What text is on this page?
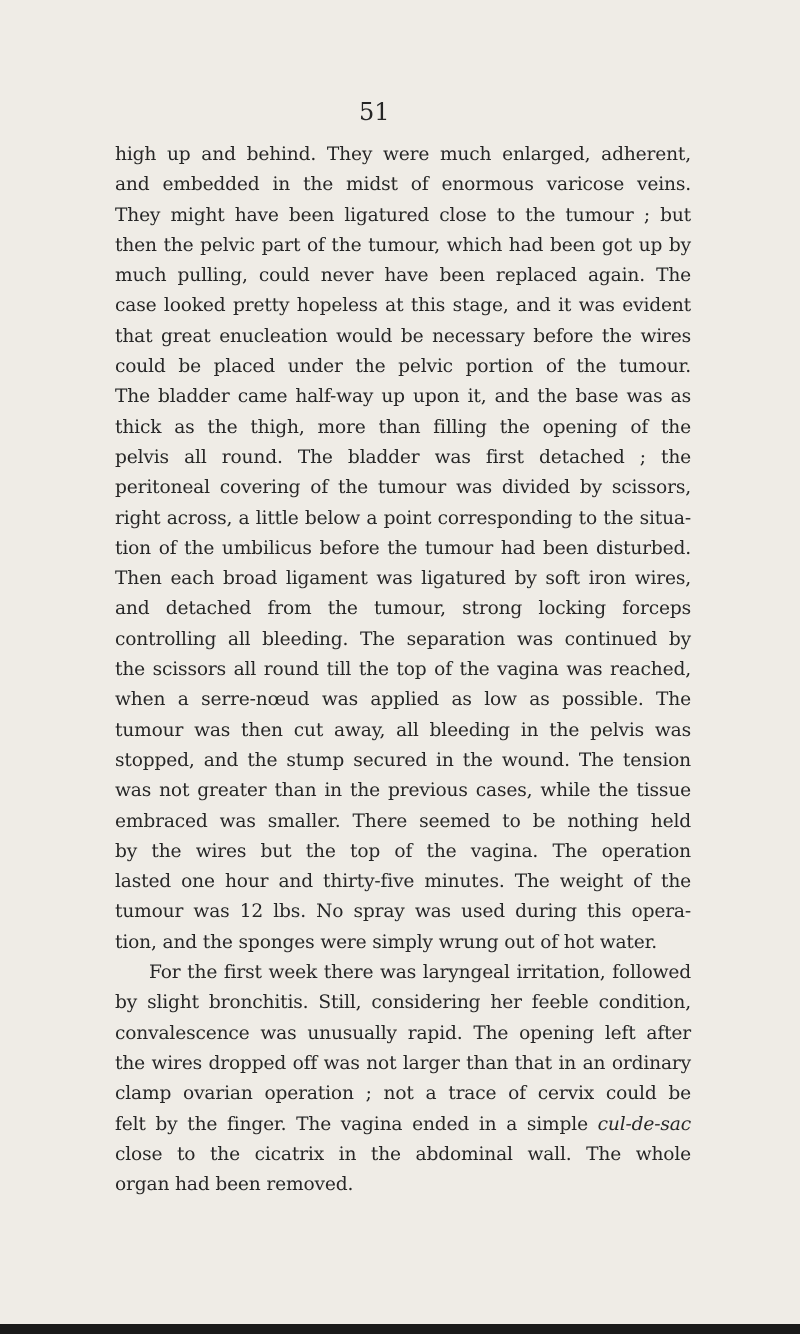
51
high up and behind. They were much enlarged, adherent,
and embedded in the midst of enormous varicose veins.
They might have been ligatured close to the tumour ; but
then the pelvic part of the tumour, which had been got up by
much pulling, could never have been replaced again. The
case looked pretty hopeless at this stage, and it was evident
that great enucleation would be necessary before the wires
could be placed under the pelvic portion of the tumour.
The bladder came half-way up upon it, and the base was as
thick as the thigh, more than filling the opening of the
pelvis all round. The bladder was first detached ; the
peritoneal covering of the tumour was divided by scissors,
right across, a little below a point corresponding to the situa-
tion of the umbilicus before the tumour had been disturbed.
Then each broad ligament was ligatured by soft iron wires,
and detached from the tumour, strong locking forceps
controlling all bleeding. The separation was continued by
the scissors all round till the top of the vagina was reached,
when a serre-nœud was applied as low as possible. The
tumour was then cut away, all bleeding in the pelvis was
stopped, and the stump secured in the wound. The tension
was not greater than in the previous cases, while the tissue
embraced was smaller. There seemed to be nothing held
by the wires but the top of the vagina. The operation
lasted one hour and thirty-five minutes. The weight of the
tumour was 12 lbs. No spray was used during this opera-
tion, and the sponges were simply wrung out of hot water.
For the first week there was laryngeal irritation, followed
by slight bronchitis. Still, considering her feeble condition,
convalescence was unusually rapid. The opening left after
the wires dropped off was not larger than that in an ordinary
clamp ovarian operation ; not a trace of cervix could be
felt by the finger. The vagina ended in a simple cul-de-sac
close to the cicatrix in the abdominal wall. The whole
organ had been removed.
